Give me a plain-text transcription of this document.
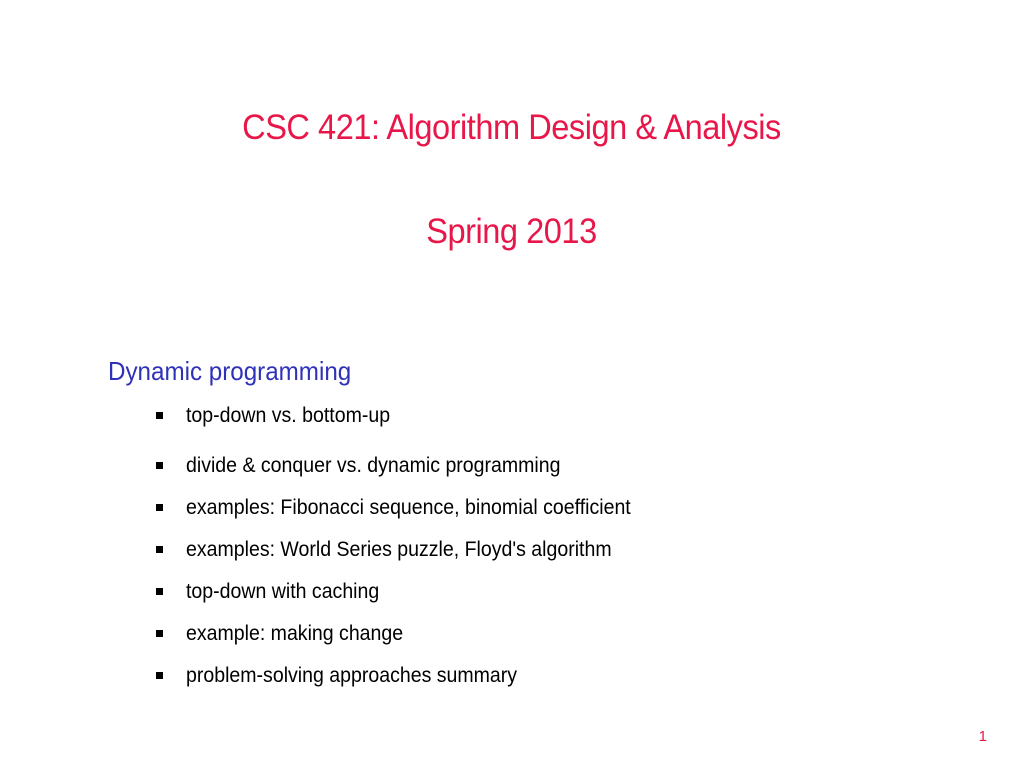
CSC 421: Algorithm Design & Analysis
Spring 2013
Dynamic programming
top-down vs. bottom-up
divide & conquer vs. dynamic programming
examples: Fibonacci sequence, binomial coefficient
examples: World Series puzzle, Floyd's algorithm
top-down with caching
example: making change
problem-solving approaches summary
1
